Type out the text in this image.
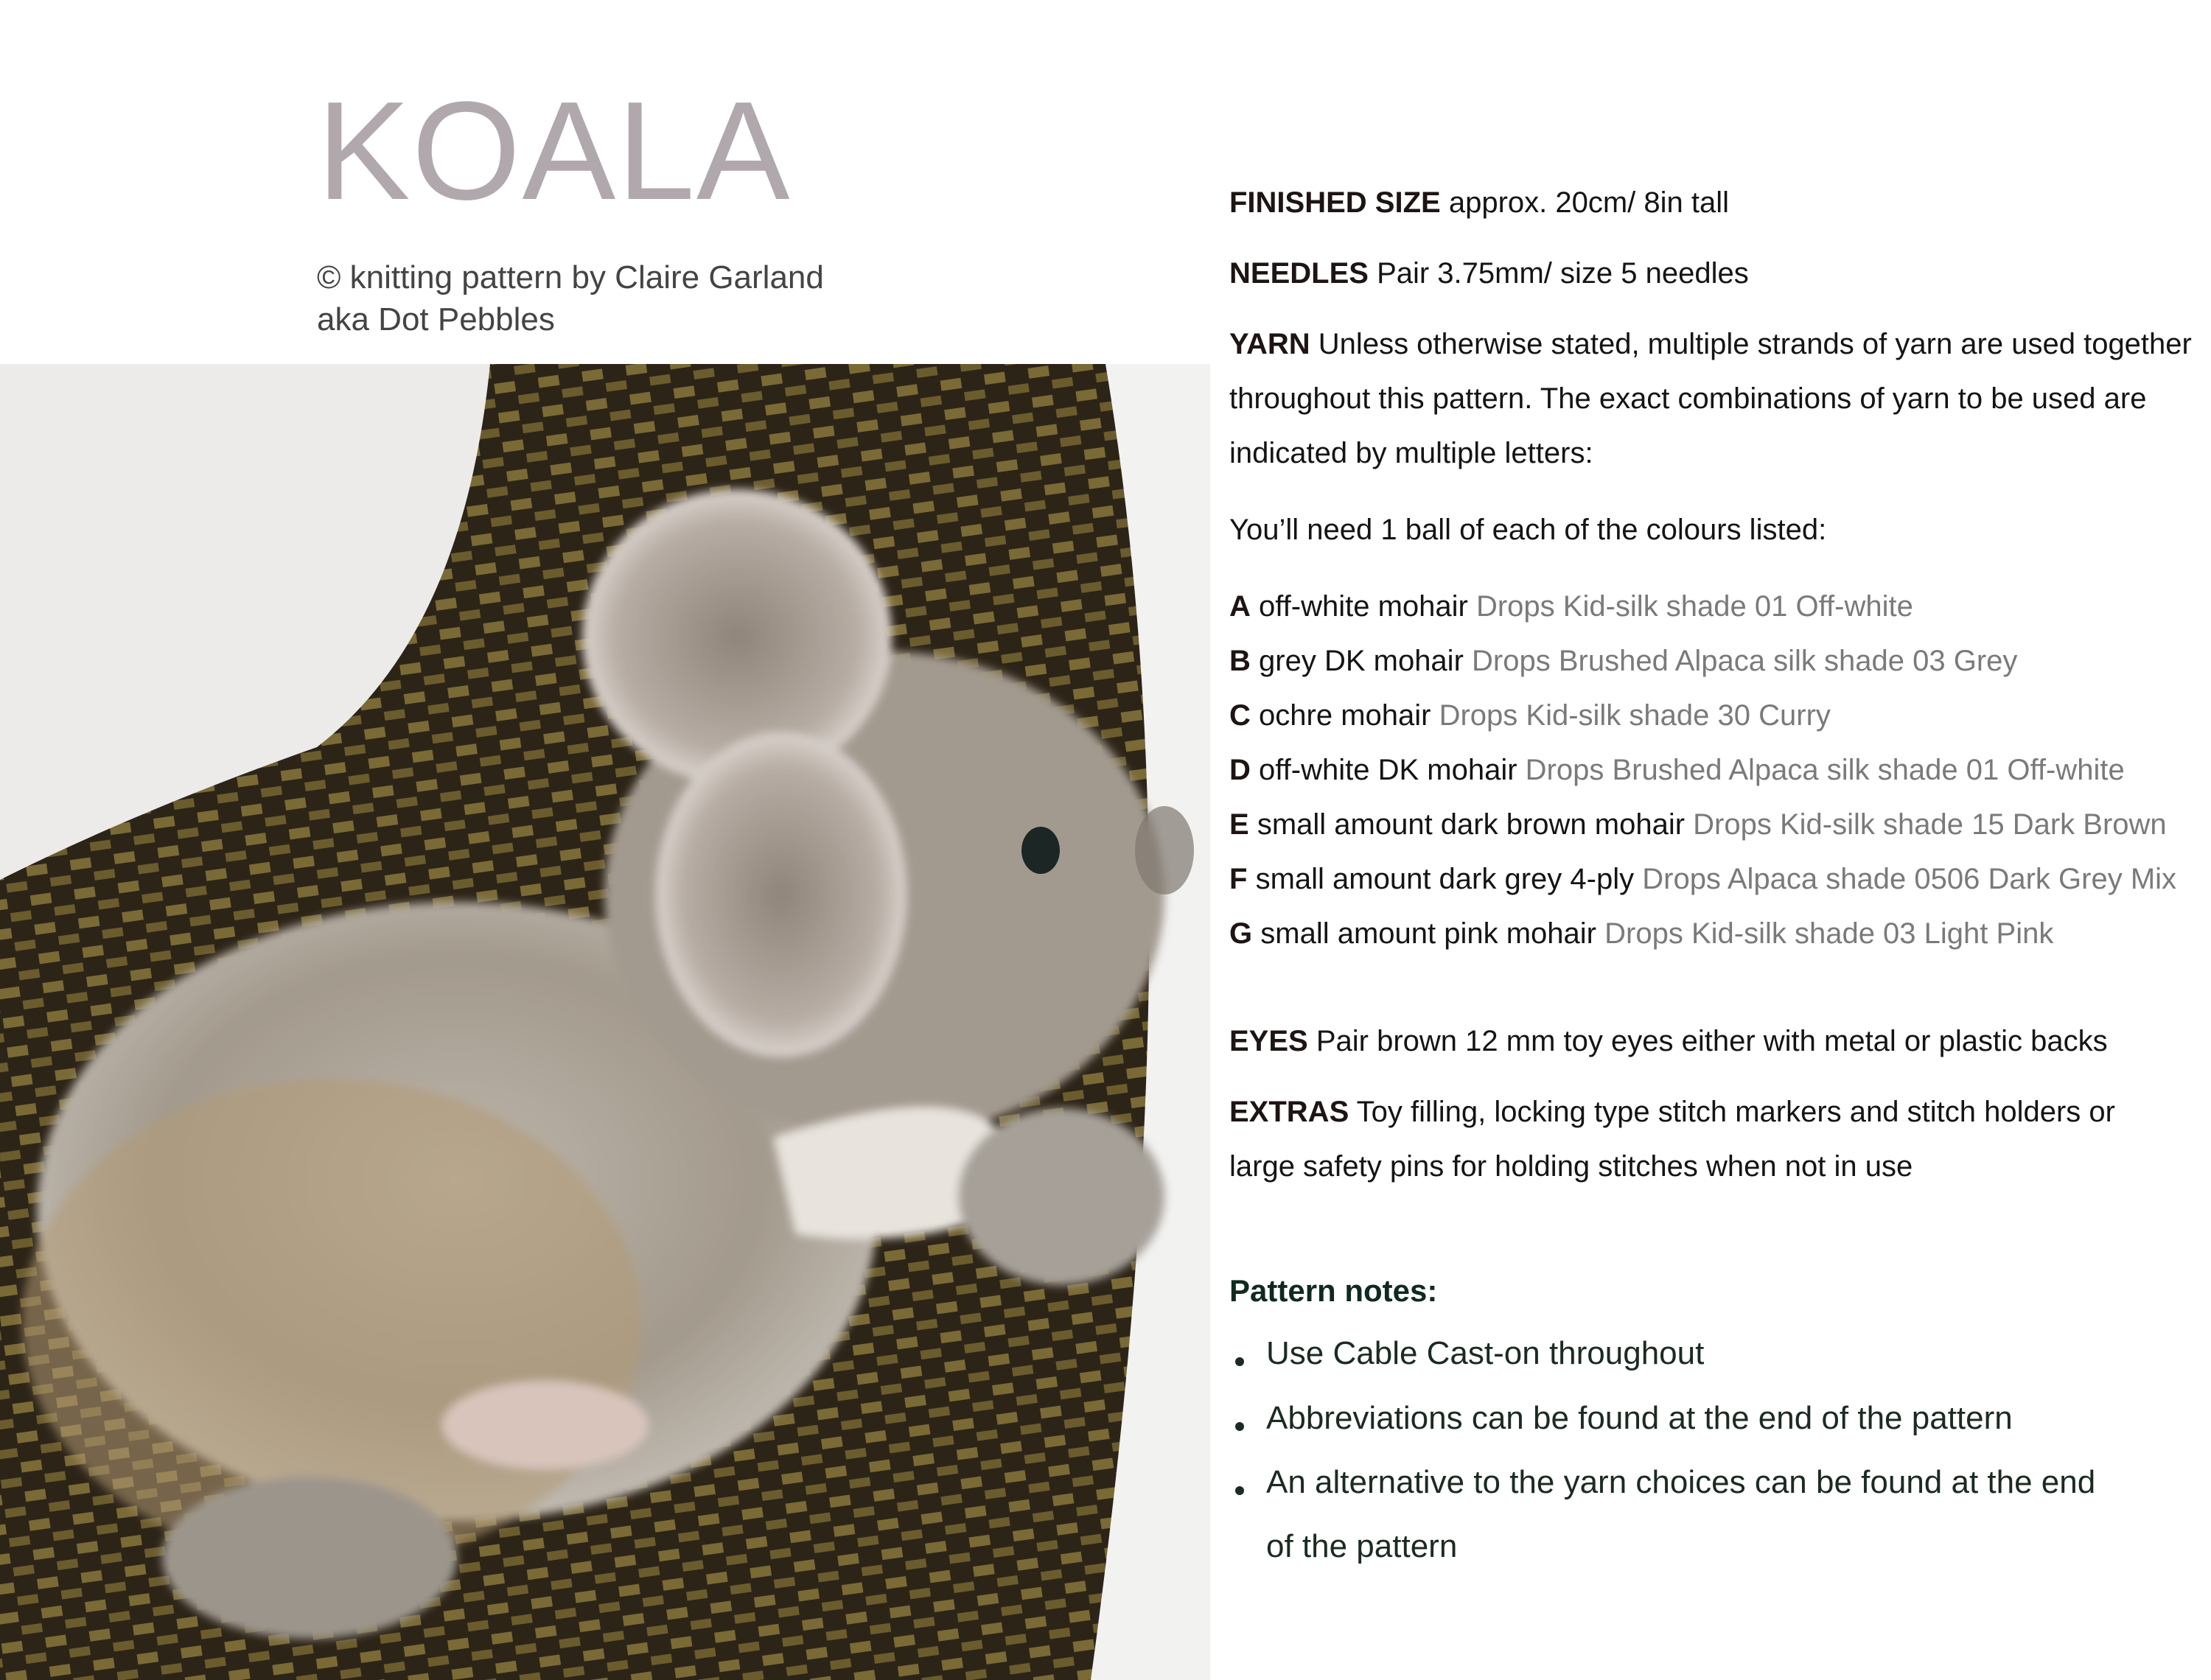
KOALA
© knitting pattern by Claire Garland
aka Dot Pebbles
FINISHED SIZE approx. 20cm/ 8in tall
NEEDLES Pair 3.75mm/ size 5 needles
YARN Unless otherwise stated, multiple strands of yarn are used together
throughout this pattern. The exact combinations of yarn to be used are
indicated by multiple letters:
You’ll need 1 ball of each of the colours listed:
A off-white mohair Drops Kid-silk shade 01 Off-white
B grey DK mohair Drops Brushed Alpaca silk shade 03 Grey
C ochre mohair Drops Kid-silk shade 30 Curry
D off-white DK mohair Drops Brushed Alpaca silk shade 01 Off-white
E small amount dark brown mohair Drops Kid-silk shade 15 Dark Brown
F small amount dark grey 4-ply Drops Alpaca shade 0506 Dark Grey Mix
G small amount pink mohair Drops Kid-silk shade 03 Light Pink
EYES Pair brown 12 mm toy eyes either with metal or plastic backs
EXTRAS Toy filling, locking type stitch markers and stitch holders or
large safety pins for holding stitches when not in use
Pattern notes:
Use Cable Cast-on throughout
Abbreviations can be found at the end of the pattern
An alternative to the yarn choices can be found at the end
of the pattern
